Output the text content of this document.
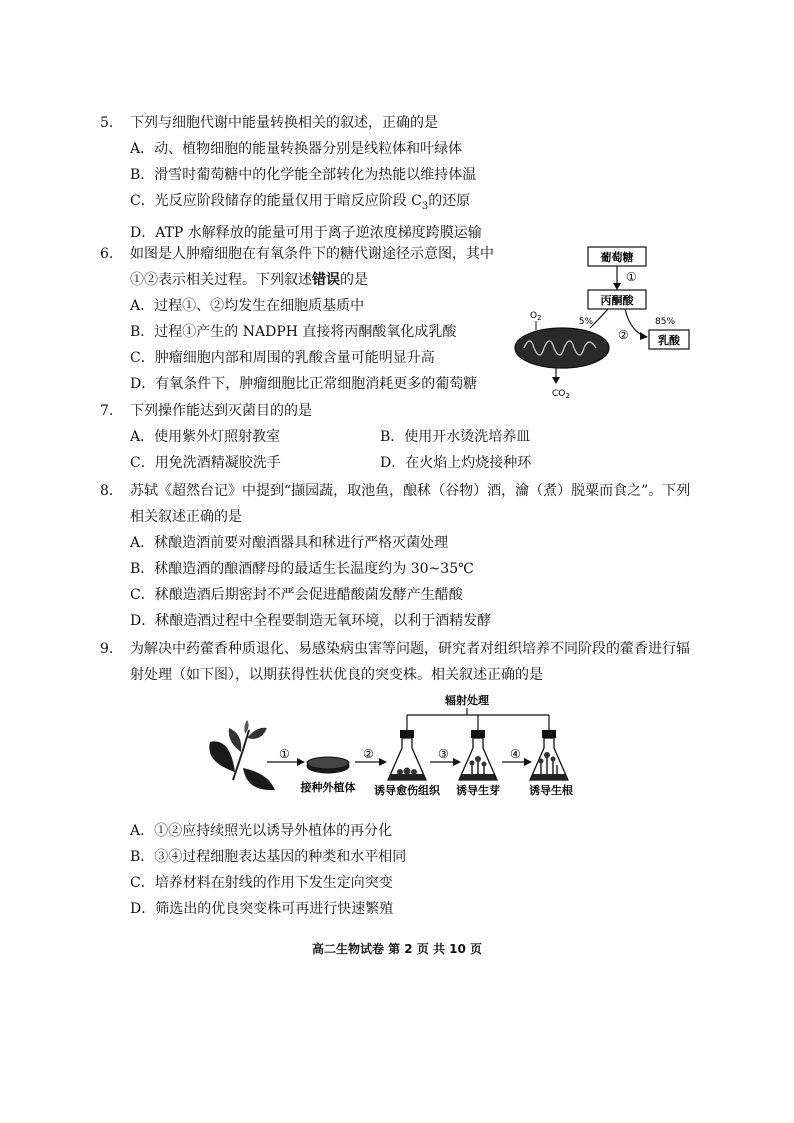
5.	下列与细胞代谢中能量转换相关的叙述，正确的是
A．动、植物细胞的能量转换器分别是线粒体和叶绿体
B．滑雪时葡萄糖中的化学能全部转化为热能以维持体温
C．光反应阶段储存的能量仅用于暗反应阶段 $C_3$的还原
D．ATP 水解释放的能量可用于离子逆浓度梯度跨膜运输
6.	如图是人肿瘤细胞在有氧条件下的糖代谢途径示意图，其中
①②表示相关过程。下列叙述错误的是
A．过程①、②均发生在细胞质基质中
B．过程①产生的 NADPH 直接将丙酮酸氧化成乳酸
C．肿瘤细胞内部和周围的乳酸含量可能明显升高
D．有氧条件下，肿瘤细胞比正常细胞消耗更多的葡萄糖
葡萄糖
①
丙酮酸
5%	85%
②	乳酸
$O_2$
$CO_2$
7.	下列操作能达到灭菌目的的是
A．使用紫外灯照射教室	B．使用开水烫洗培养皿
C．用免洗酒精凝胶洗手	D．在火焰上灼烧接种环
8.	苏轼《超然台记》中提到“撷园蔬，取池鱼，酿秫（谷物）酒，瀹（煮）脱粟而食之”。下列
相关叙述正确的是
A．秫酿造酒前要对酿酒器具和秫进行严格灭菌处理
B．秫酿造酒的酿酒酵母的最适生长温度约为 30~35℃
C．秫酿造酒后期密封不严会促进醋酸菌发酵产生醋酸
D．秫酿造酒过程中全程要制造无氧环境，以利于酒精发酵
9.	为解决中药藿香种质退化、易感染病虫害等问题，研究者对组织培养不同阶段的藿香进行辐
射处理（如下图），以期获得性状优良的突变株。相关叙述正确的是
辐射处理
①
接种外植体
②
诱导愈伤组织
③
诱导生芽
④
诱导生根
A．①②应持续照光以诱导外植体的再分化
B．③④过程细胞表达基因的种类和水平相同
C．培养材料在射线的作用下发生定向突变
D．筛选出的优良突变株可再进行快速繁殖
高二生物试卷 第 2 页 共 10 页
